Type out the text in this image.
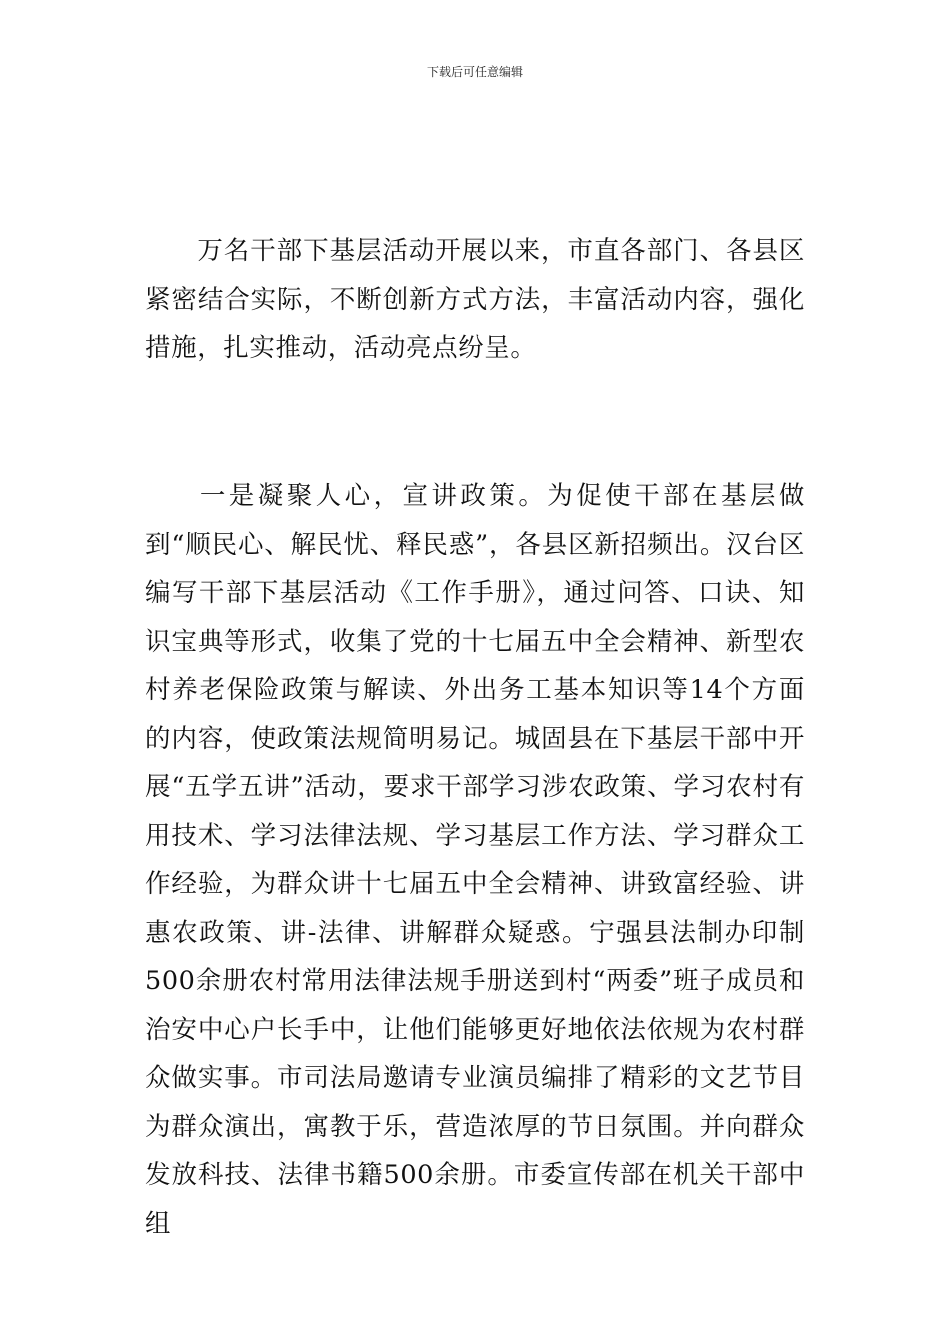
下载后可任意编辑

万名干部下基层活动开展以来，市直各部门、各县区紧密结合实际，不断创新方式方法，丰富活动内容，强化措施，扎实推动，活动亮点纷呈。

一是凝聚人心，宣讲政策。为促使干部在基层做到“顺民心、解民忧、释民惑”，各县区新招频出。汉台区编写干部下基层活动《工作手册》，通过问答、口诀、知识宝典等形式，收集了党的十七届五中全会精神、新型农村养老保险政策与解读、外出务工基本知识等14个方面的内容，使政策法规简明易记。城固县在下基层干部中开展“五学五讲”活动，要求干部学习涉农政策、学习农村有用技术、学习法律法规、学习基层工作方法、学习群众工作经验，为群众讲十七届五中全会精神、讲致富经验、讲惠农政策、讲-法律、讲解群众疑惑。宁强县法制办印制500余册农村常用法律法规手册送到村“两委”班子成员和治安中心户长手中，让他们能够更好地依法依规为农村群众做实事。市司法局邀请专业演员编排了精彩的文艺节目为群众演出，寓教于乐，营造浓厚的节日氛围。并向群众发放科技、法律书籍500余册。市委宣传部在机关干部中组
